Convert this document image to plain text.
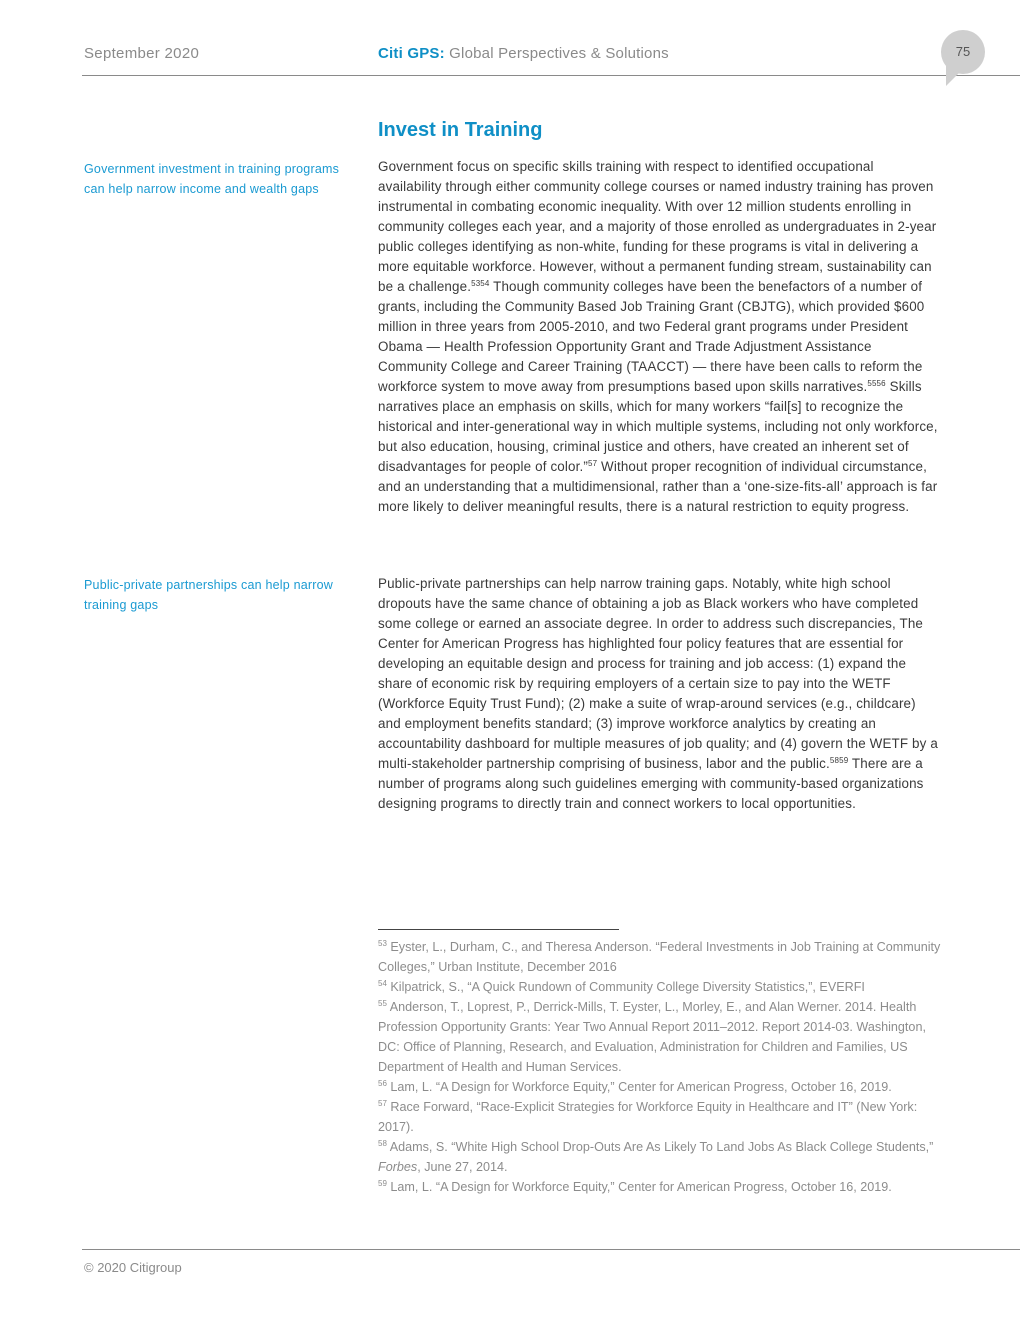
September 2020	Citi GPS: Global Perspectives & Solutions	75
Invest in Training
Government investment in training programs can help narrow income and wealth gaps
Public-private partnerships can help narrow training gaps

Government focus on specific skills training with respect to identified occupational availability through either community college courses or named industry training has proven instrumental in combating economic inequality. With over 12 million students enrolling in community colleges each year, and a majority of those enrolled as undergraduates in 2-year public colleges identifying as non-white, funding for these programs is vital in delivering a more equitable workforce. However, without a permanent funding stream, sustainability can be a challenge.$^{5354}$ Though community colleges have been the benefactors of a number of grants, including the Community Based Job Training Grant (CBJTG), which provided $600 million in three years from 2005-2010, and two Federal grant programs under President Obama — Health Profession Opportunity Grant and Trade Adjustment Assistance Community College and Career Training (TAACCT) — there have been calls to reform the workforce system to move away from presumptions based upon skills narratives.$^{5556}$ Skills narratives place an emphasis on skills, which for many workers “fail[s] to recognize the historical and inter-generational way in which multiple systems, including not only workforce, but also education, housing, criminal justice and others, have created an inherent set of disadvantages for people of color.”$^{57}$ Without proper recognition of individual circumstance, and an understanding that a multidimensional, rather than a ‘one-size-fits-all’ approach is far more likely to deliver meaningful results, there is a natural restriction to equity progress.

Public-private partnerships can help narrow training gaps. Notably, white high school dropouts have the same chance of obtaining a job as Black workers who have completed some college or earned an associate degree. In order to address such discrepancies, The Center for American Progress has highlighted four policy features that are essential for developing an equitable design and process for training and job access: (1) expand the share of economic risk by requiring employers of a certain size to pay into the WETF (Workforce Equity Trust Fund); (2) make a suite of wrap-around services (e.g., childcare) and employment benefits standard; (3) improve workforce analytics by creating an accountability dashboard for multiple measures of job quality; and (4) govern the WETF by a multi-stakeholder partnership comprising of business, labor and the public.$^{5859}$ There are a number of programs along such guidelines emerging with community-based organizations designing programs to directly train and connect workers to local opportunities.

$^{53}$ Eyster, L., Durham, C., and Theresa Anderson. “Federal Investments in Job Training at Community Colleges,” Urban Institute, December 2016

$^{54}$ Kilpatrick, S., “A Quick Rundown of Community College Diversity Statistics,”, EVERFI

$^{55}$ Anderson, T., Loprest, P., Derrick-Mills, T. Eyster, L., Morley, E., and Alan Werner. 2014. Health Profession Opportunity Grants: Year Two Annual Report 2011–2012. Report 2014-03. Washington, DC: Office of Planning, Research, and Evaluation, Administration for Children and Families, US Department of Health and Human Services.

$^{56}$ Lam, L. “A Design for Workforce Equity,” Center for American Progress, October 16, 2019.

$^{57}$ Race Forward, “Race-Explicit Strategies for Workforce Equity in Healthcare and IT” (New York: 2017).

$^{58}$ Adams, S. “White High School Drop-Outs Are As Likely To Land Jobs As Black College Students,” Forbes, June 27, 2014.

$^{59}$ Lam, L. “A Design for Workforce Equity,” Center for American Progress, October 16, 2019.

© 2020 Citigroup
